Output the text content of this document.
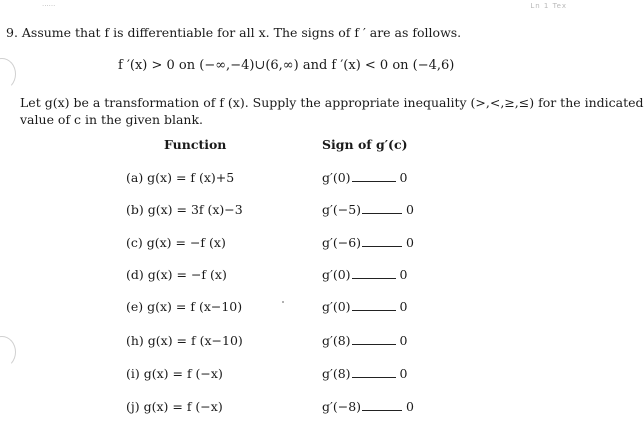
......	Ln 1 Tex
9. Assume that f is differentiable for all x. The signs of f ′ are as follows.
f ′(x) > 0 on (−∞,−4)∪(6,∞) and f ′(x) < 0 on (−4,6)
Let g(x) be a transformation of f (x). Supply the appropriate inequality (>,<,≥,≤) for the indicated
value of c in the given blank.
Function	Sign of g′(c)
(a) g(x) = f (x)+5	g′(0)	0
(b) g(x) = 3f (x)−3	g′(−5)	0
(c) g(x) = −f (x)	g′(−6)	0
(d) g(x) = −f (x)	g′(0)	0
(e) g(x) = f (x−10)	g′(0)	0
(h) g(x) = f (x−10)	g′(8)	0
(i) g(x) = f (−x)	g′(8)	0
(j) g(x) = f (−x)	g′(−8)	0
